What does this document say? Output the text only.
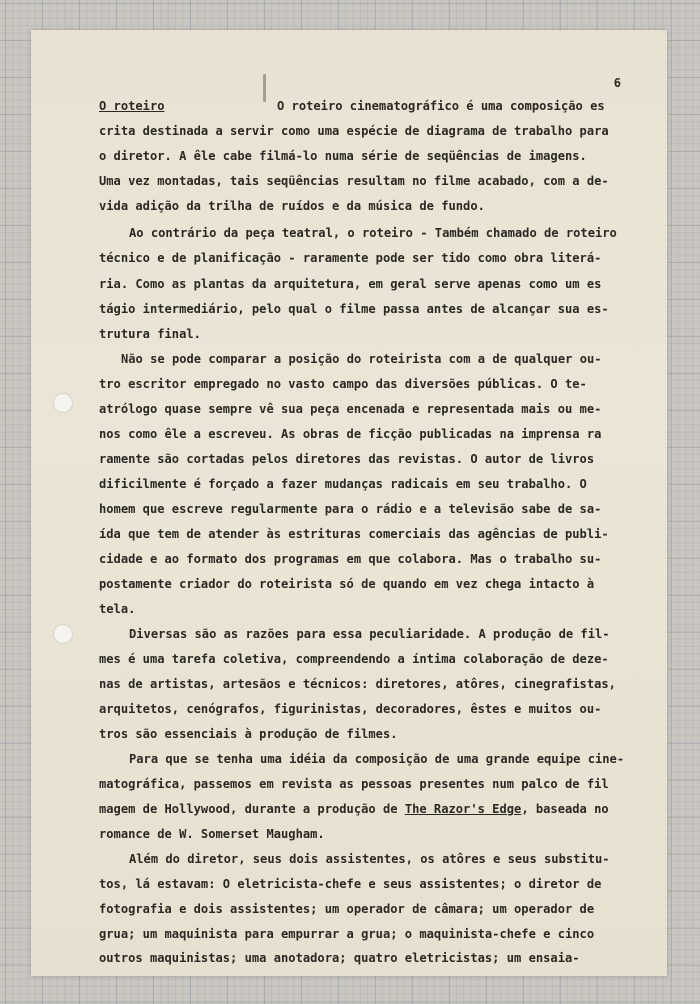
6
O roteiro	O roteiro cinematográfico é uma composição es
crita destinada a servir como uma espécie de diagrama de trabalho para
o diretor. A êle cabe filmá-lo numa série de seqüências de imagens.
Uma vez montadas, tais seqüências resultam no filme acabado, com a de-
vida adição da trilha de ruídos e da música de fundo.
Ao contrário da peça teatral, o roteiro - Também chamado de roteiro
técnico e de planificação - raramente pode ser tido como obra literá-
ria. Como as plantas da arquitetura, em geral serve apenas como um es
tágio intermediário, pelo qual o filme passa antes de alcançar sua es-
trutura final.
Não se pode comparar a posição do roteirista com a de qualquer ou-
tro escritor empregado no vasto campo das diversões públicas. O te-
atrólogo quase sempre vê sua peça encenada e representada mais ou me-
nos como êle a escreveu. As obras de ficção publicadas na imprensa ra
ramente são cortadas pelos diretores das revistas. O autor de livros
dificilmente é forçado a fazer mudanças radicais em seu trabalho. O
homem que escreve regularmente para o rádio e a televisão sabe de sa-
ída que tem de atender às estrituras comerciais das agências de publi-
cidade e ao formato dos programas em que colabora. Mas o trabalho su-
postamente criador do roteirista só de quando em vez chega intacto à
tela.
Diversas são as razões para essa peculiaridade. A produção de fil-
mes é uma tarefa coletiva, compreendendo a íntima colaboração de deze-
nas de artistas, artesãos e técnicos: diretores, atôres, cinegrafistas,
arquitetos, cenógrafos, figurinistas, decoradores, êstes e muitos ou-
tros são essenciais à produção de filmes.
Para que se tenha uma idéia da composição de uma grande equipe cine-
matográfica, passemos em revista as pessoas presentes num palco de fil
magem de Hollywood, durante a produção de The Razor's Edge, baseada no
romance de W. Somerset Maugham.
Além do diretor, seus dois assistentes, os atôres e seus substitu-
tos, lá estavam: O eletricista-chefe e seus assistentes; o diretor de
fotografia e dois assistentes; um operador de câmara; um operador de
grua; um maquinista para empurrar a grua; o maquinista-chefe e cinco
outros maquinistas; uma anotadora; quatro eletricistas; um ensaia-
